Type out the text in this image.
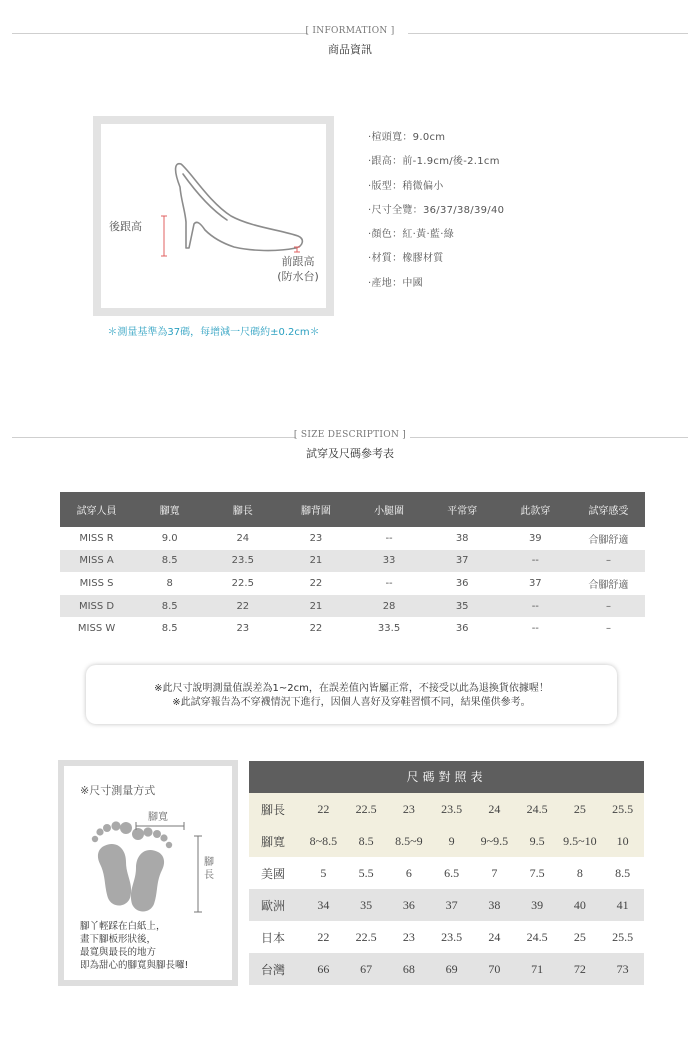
[ INFORMATION ]
商品資訊
後跟高
前跟高
(防水台)
＊測量基準為37碼，每增減一尺碼約±0.2cm＊
‧楦頭寬：9.0cm
‧跟高：前-1.9cm/後-2.1cm
‧版型：稍微偏小
‧尺寸全覽：36/37/38/39/40
‧顏色：紅‧黃‧藍‧綠
‧材質：橡膠材質
‧產地：中國
[ SIZE DESCRIPTION ]
試穿及尺碼參考表
試穿人員	腳寬	腳長	腳背圍	小腿圍	平常穿	此款穿	試穿感受
MISS R	9.0	24	23	--	38	39	合腳舒適
MISS A	8.5	23.5	21	33	37	--	–
MISS S	8	22.5	22	--	36	37	合腳舒適
MISS D	8.5	22	21	28	35	--	–
MISS W	8.5	23	22	33.5	36	--	–

※此尺寸說明測量值誤差為1~2cm，在誤差值內皆屬正常，不接受以此為退換貨依據喔！

※此試穿報告為不穿襪情況下進行，因個人喜好及穿鞋習慣不同，結果僅供參考。

※尺寸測量方式
腳寬
腳
長
腳丫輕踩在白紙上，
畫下腳板形狀後，
最寬與最長的地方
即為甜心的腳寬與腳長囉!
尺碼對照表
腳長	22	22.5	23	23.5	24	24.5	25	25.5
腳寬	8~8.5	8.5	8.5~9	9	9~9.5	9.5	9.5~10	10
美國	5	5.5	6	6.5	7	7.5	8	8.5
歐洲	34	35	36	37	38	39	40	41
日本	22	22.5	23	23.5	24	24.5	25	25.5
台灣	66	67	68	69	70	71	72	73
